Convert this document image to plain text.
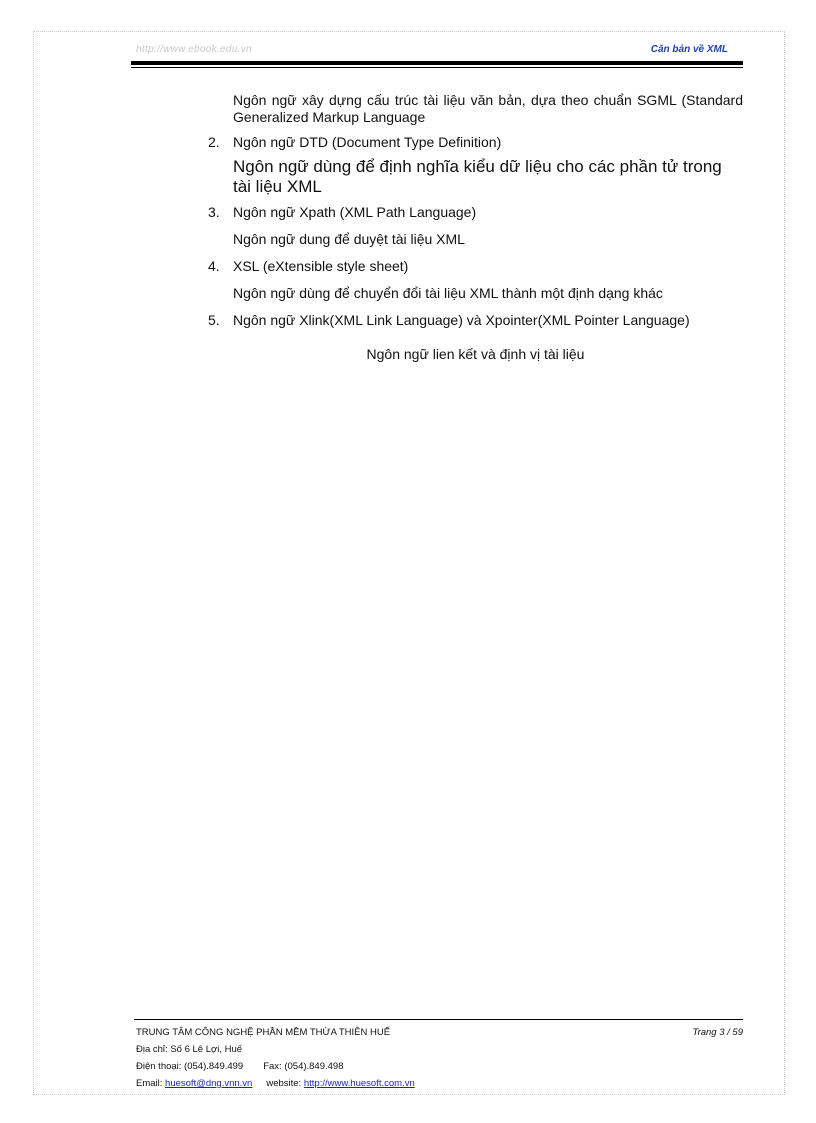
http://www.ebook.edu.vn	Căn bản về XML
Ngôn ngữ xây dựng cấu trúc tài liệu văn bản, dựa theo chuẩn SGML (Standard Generalized Markup Language
2. Ngôn ngữ DTD (Document Type Definition)
Ngôn ngữ dùng để định nghĩa kiểu dữ liệu cho các phần tử trong tài liệu XML
3. Ngôn ngữ Xpath (XML Path Language)
Ngôn ngữ dung để duyệt tài liệu XML
4. XSL (eXtensible style sheet)
Ngôn ngữ dùng để chuyển đổi tài liệu XML thành một định dạng khác
5. Ngôn ngữ Xlink(XML Link Language) và Xpointer(XML Pointer Language)
Ngôn ngữ lien kết và định vị tài liệu
TRUNG TÂM CÔNG NGHỆ PHẦN MỀM THỪA THIÊN HUẾ	Trang 3 / 59
Địa chỉ: Số 6 Lê Lợi, Huế
Điện thoại: (054).849.499 Fax: (054).849.498
Email: huesoft@dng.vnn.vn website: http://www.huesoft.com.vn
